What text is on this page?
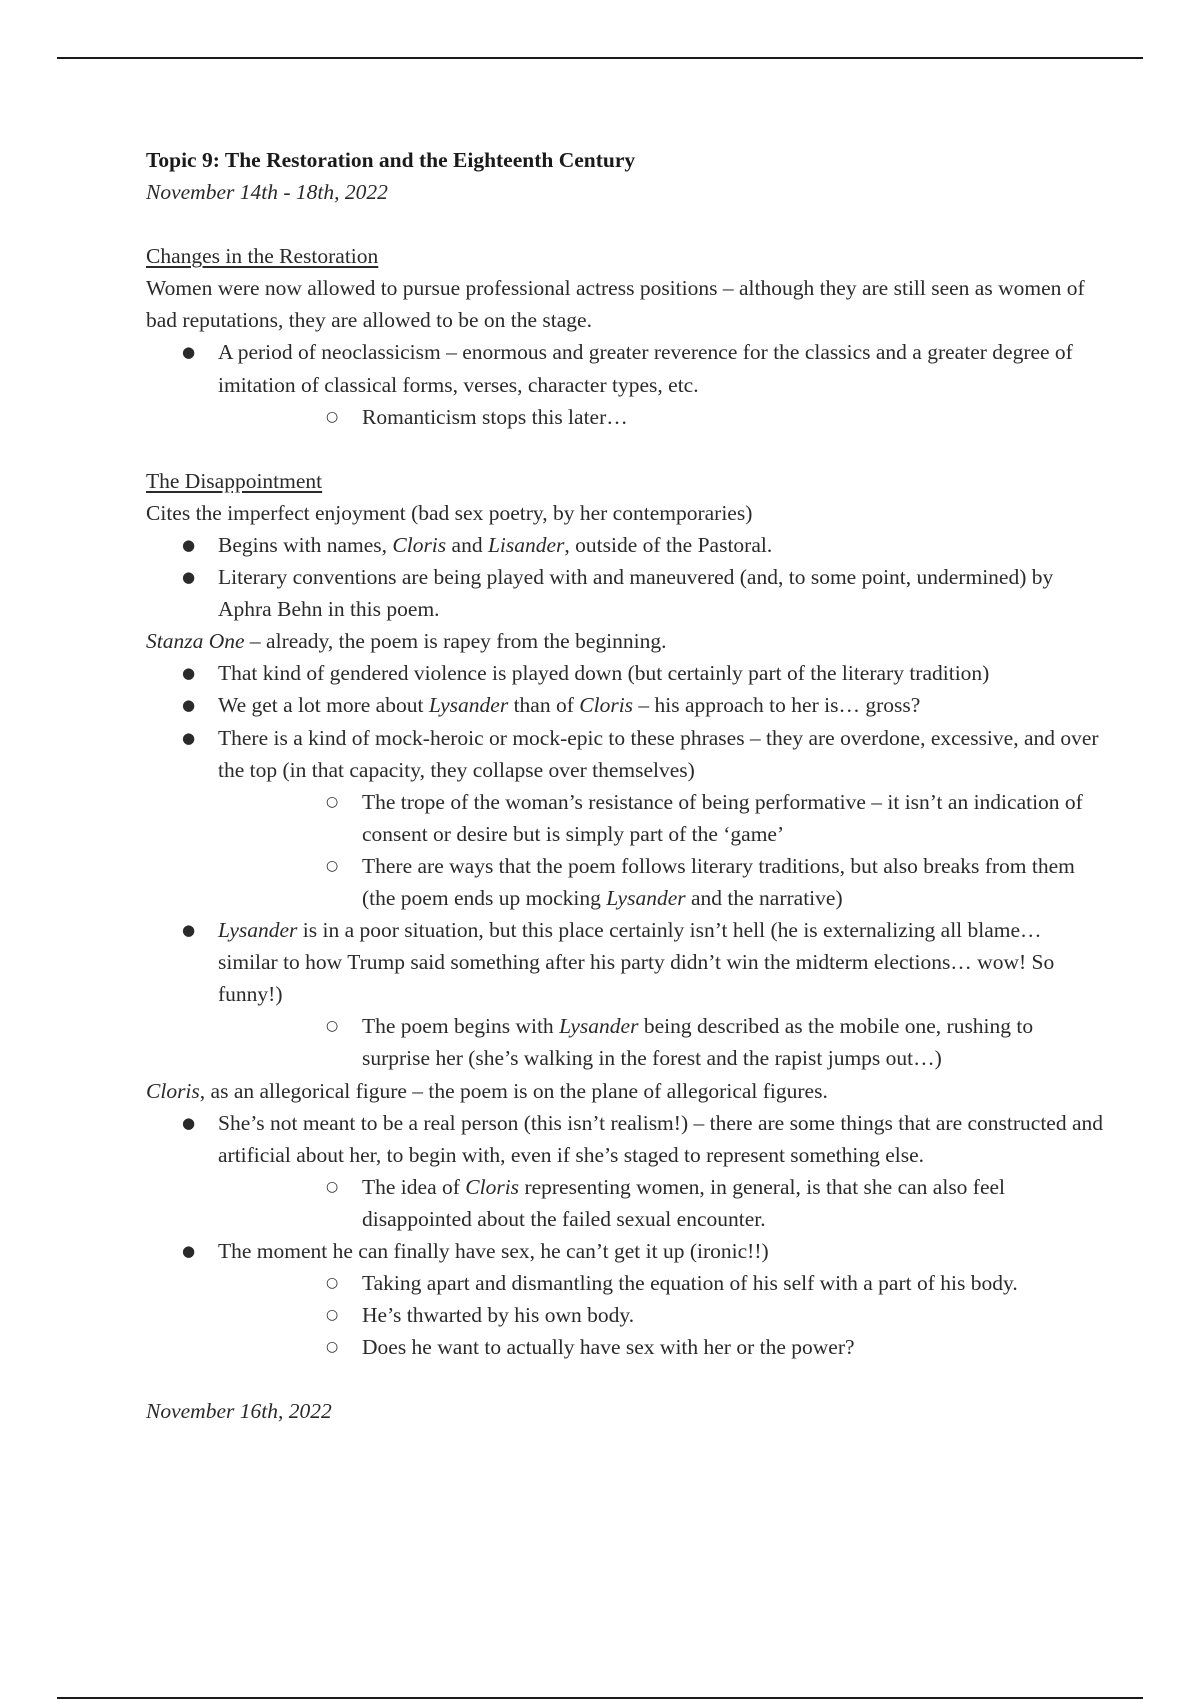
Topic 9: The Restoration and the Eighteenth Century
November 14th - 18th, 2022
Changes in the Restoration
Women were now allowed to pursue professional actress positions – although they are still seen as women of bad reputations, they are allowed to be on the stage.
● A period of neoclassicism – enormous and greater reverence for the classics and a greater degree of imitation of classical forms, verses, character types, etc.
○ Romanticism stops this later…
The Disappointment
Cites the imperfect enjoyment (bad sex poetry, by her contemporaries)
● Begins with names, Cloris and Lisander, outside of the Pastoral.
● Literary conventions are being played with and maneuvered (and, to some point, undermined) by Aphra Behn in this poem.
Stanza One – already, the poem is rapey from the beginning.
● That kind of gendered violence is played down (but certainly part of the literary tradition)
● We get a lot more about Lysander than of Cloris – his approach to her is… gross?
● There is a kind of mock-heroic or mock-epic to these phrases – they are overdone, excessive, and over the top (in that capacity, they collapse over themselves)
○ The trope of the woman’s resistance of being performative – it isn’t an indication of consent or desire but is simply part of the ‘game’
○ There are ways that the poem follows literary traditions, but also breaks from them (the poem ends up mocking Lysander and the narrative)
● Lysander is in a poor situation, but this place certainly isn’t hell (he is externalizing all blame… similar to how Trump said something after his party didn’t win the midterm elections… wow! So funny!)
○ The poem begins with Lysander being described as the mobile one, rushing to surprise her (she’s walking in the forest and the rapist jumps out…)
Cloris, as an allegorical figure – the poem is on the plane of allegorical figures.
● She’s not meant to be a real person (this isn’t realism!) – there are some things that are constructed and artificial about her, to begin with, even if she’s staged to represent something else.
○ The idea of Cloris representing women, in general, is that she can also feel disappointed about the failed sexual encounter.
● The moment he can finally have sex, he can’t get it up (ironic!!)
○ Taking apart and dismantling the equation of his self with a part of his body.
○ He’s thwarted by his own body.
○ Does he want to actually have sex with her or the power?
November 16th, 2022
